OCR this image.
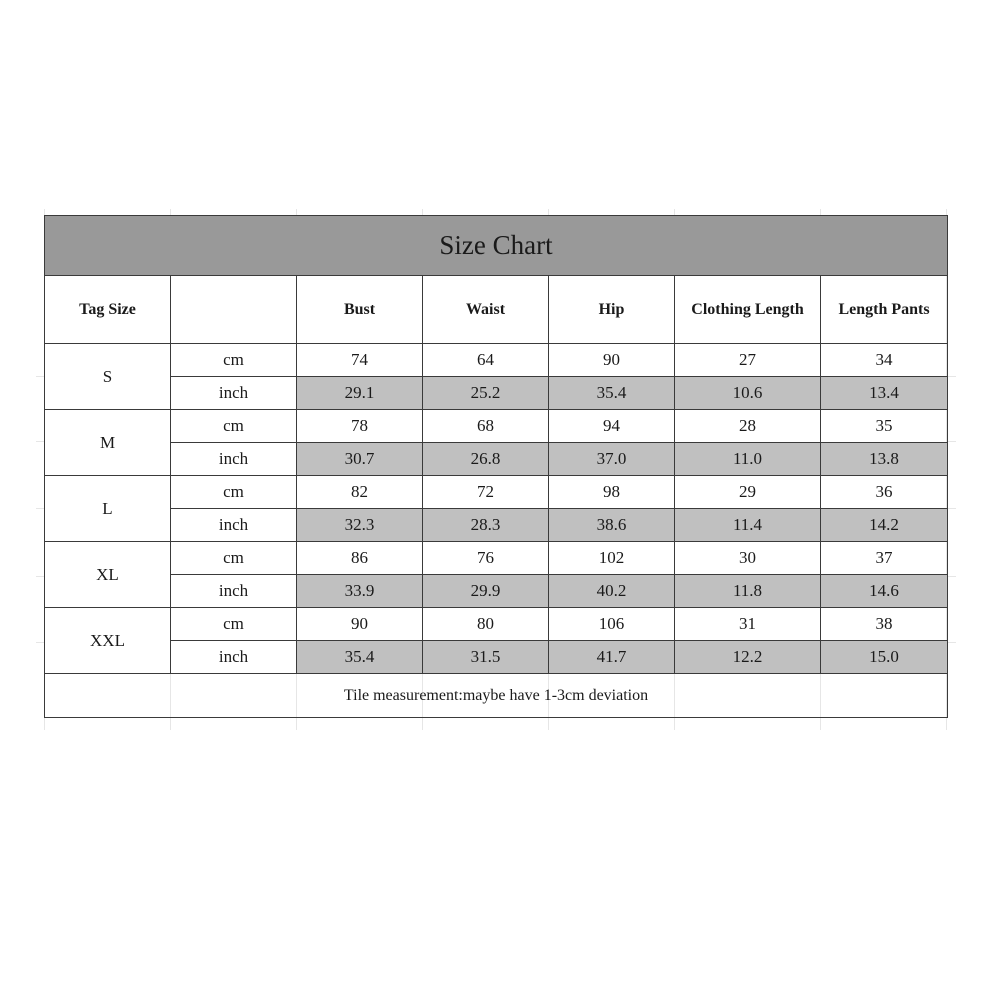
Size Chart						
Tag Size		Bust	Waist	Hip	Clothing Length	Length Pants
S	cm	74	64	90	27	34
	inch	29.1	25.2	35.4	10.6	13.4
M	cm	78	68	94	28	35
	inch	30.7	26.8	37.0	11.0	13.8
L	cm	82	72	98	29	36
	inch	32.3	28.3	38.6	11.4	14.2
XL	cm	86	76	102	30	37
	inch	33.9	29.9	40.2	11.8	14.6
XXL	cm	90	80	106	31	38
	inch	35.4	31.5	41.7	12.2	15.0
Tile measurement:maybe have 1-3cm deviation						
